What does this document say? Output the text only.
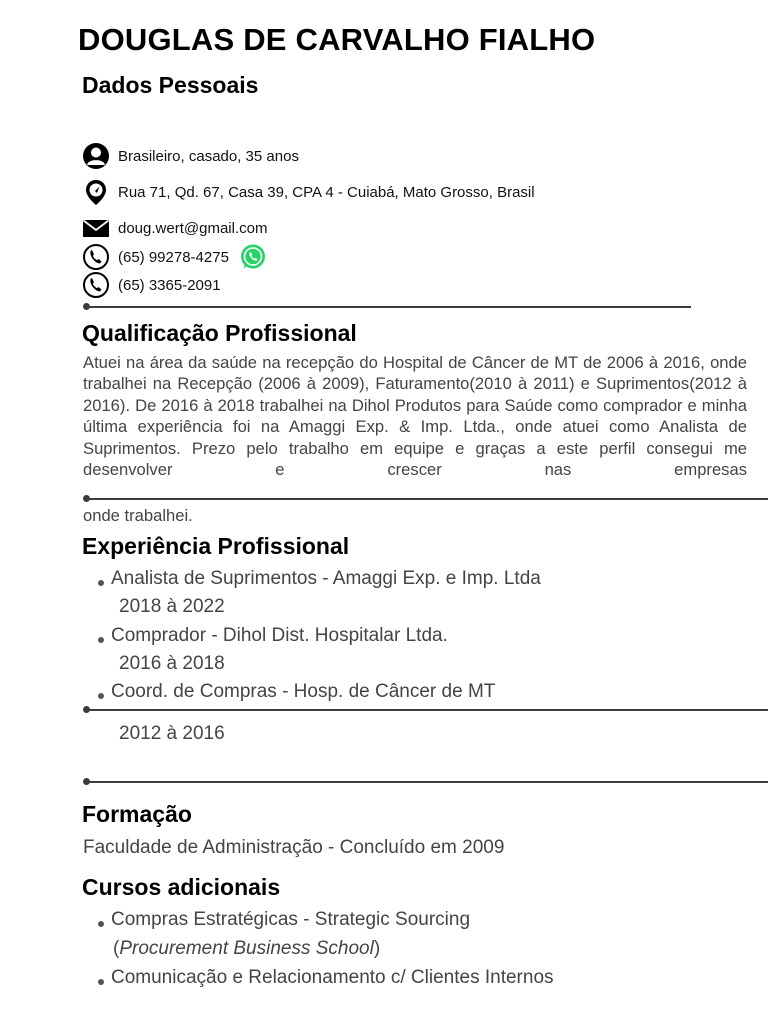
DOUGLAS DE CARVALHO FIALHO
Dados Pessoais
Brasileiro, casado, 35 anos
Rua 71, Qd. 67, Casa 39, CPA 4 - Cuiabá, Mato Grosso, Brasil
doug.wert@gmail.com
(65) 99278-4275
(65) 3365-2091
Qualificação Profissional
Atuei na área da saúde na recepção do Hospital de Câncer de MT de 2006 à 2016, onde trabalhei na Recepção (2006 à 2009), Faturamento(2010 à 2011) e Suprimentos(2012 à 2016). De 2016 à 2018 trabalhei na Dihol Produtos para Saúde como comprador e minha última experiência foi na Amaggi Exp. & Imp. Ltda., onde atuei como Analista de Suprimentos. Prezo pelo trabalho em equipe e graças a este perfil consegui me desenvolver e crescer nas empresas
onde trabalhei.
Experiência Profissional
Analista de Suprimentos - Amaggi Exp. e Imp. Ltda
2018 à 2022
Comprador - Dihol Dist. Hospitalar Ltda.
2016 à 2018
Coord. de Compras - Hosp. de Câncer de MT
2012 à 2016
Formação
Faculdade de Administração - Concluído em 2009
Cursos adicionais
Compras Estratégicas - Strategic Sourcing
(Procurement Business School)
Comunicação e Relacionamento c/ Clientes Internos
